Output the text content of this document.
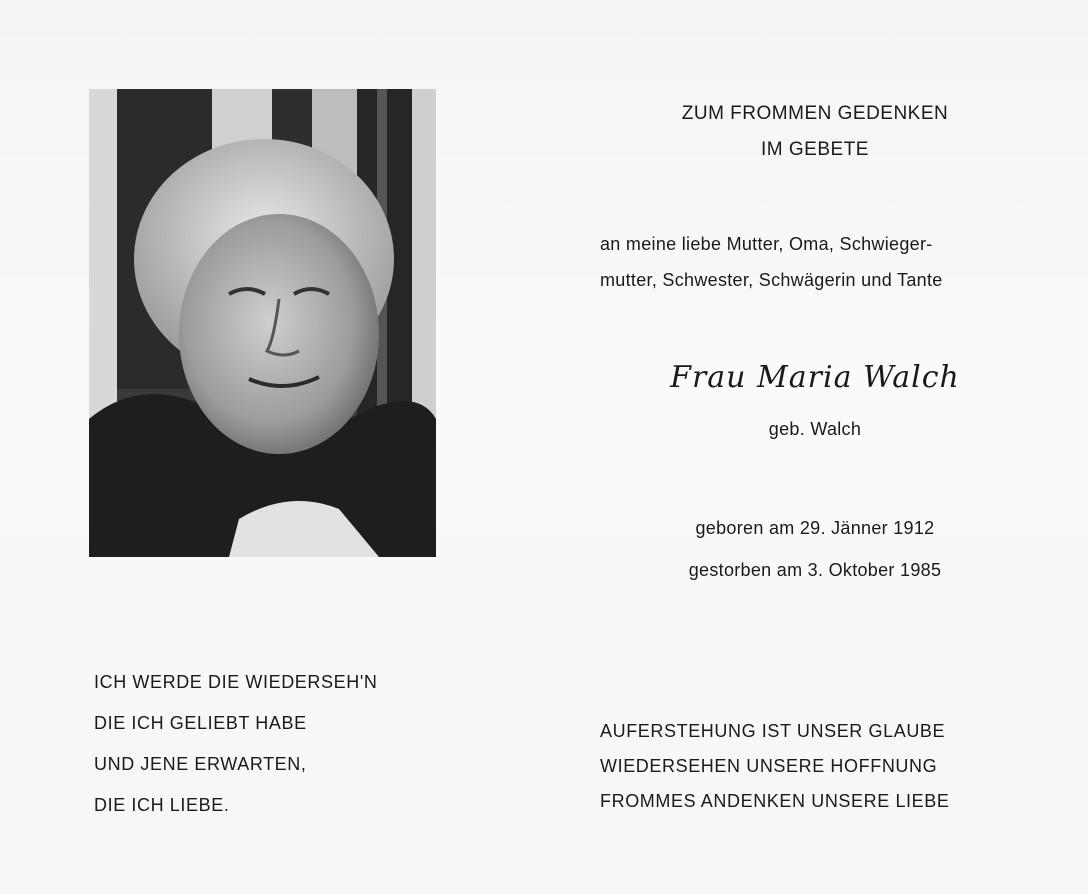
ZUM FROMMEN GEDENKEN
IM GEBETE
an meine liebe Mutter, Oma, Schwieger-
mutter, Schwester, Schwägerin und Tante
Frau Maria Walch
geb. Walch
geboren am 29. Jänner 1912
gestorben am 3. Oktober 1985
ICH WERDE DIE WIEDERSEH'N
DIE ICH GELIEBT HABE
UND JENE ERWARTEN,
DIE ICH LIEBE.
AUFERSTEHUNG IST UNSER GLAUBE
WIEDERSEHEN UNSERE HOFFNUNG
FROMMES ANDENKEN UNSERE LIEBE
